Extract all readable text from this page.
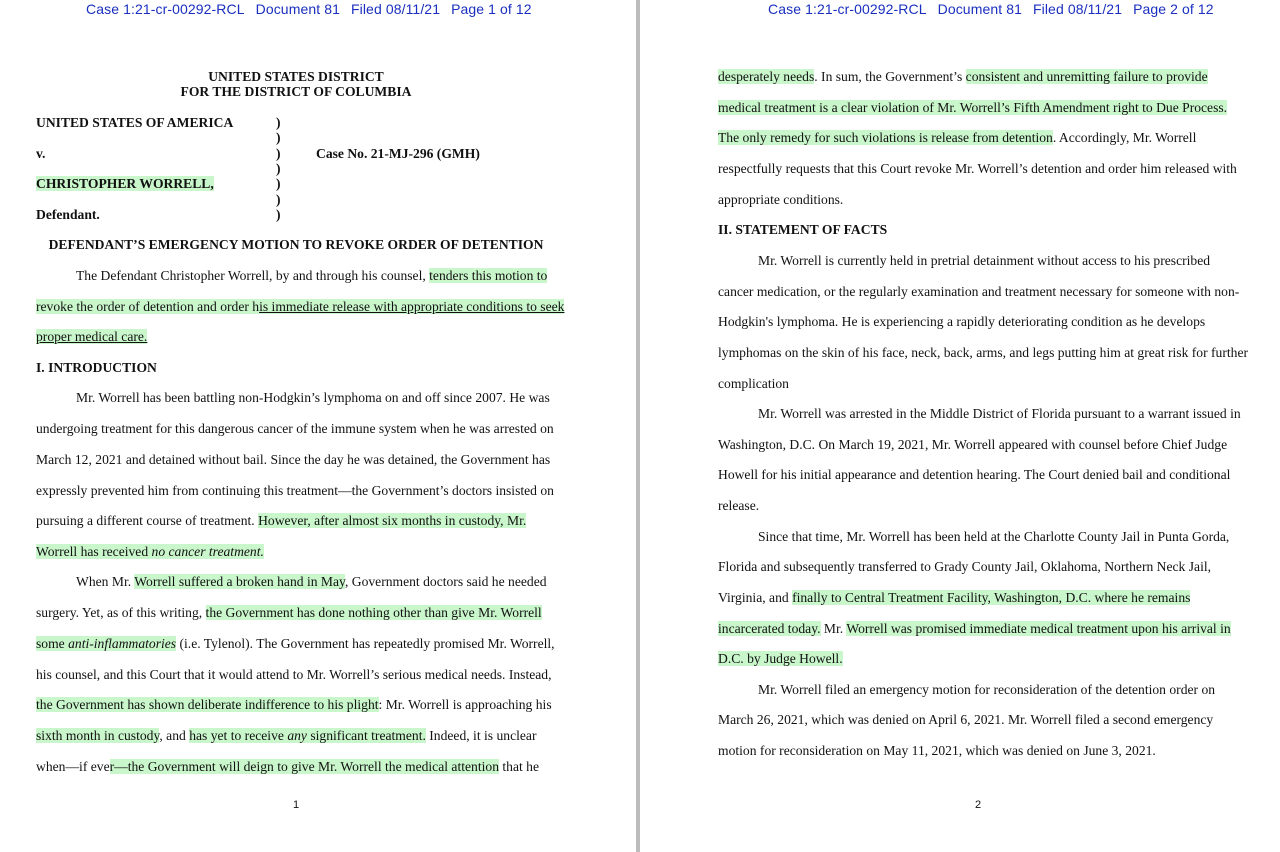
Case 1:21-cr-00292-RCL Document 81 Filed 08/11/21 Page 1 of 12
UNITED STATES DISTRICT
FOR THE DISTRICT OF COLUMBIA
UNITED STATES OF AMERICA
v.	Case No. 21-MJ-296 (GMH)
CHRISTOPHER WORRELL,
Defendant.
)
)
)
)
)
)
)
DEFENDANT’S EMERGENCY MOTION TO REVOKE ORDER OF DETENTION
The Defendant Christopher Worrell, by and through his counsel, tenders this motion to
revoke the order of detention and order his immediate release with appropriate conditions to seek
proper medical care.
I. INTRODUCTION
Mr. Worrell has been battling non-Hodgkin’s lymphoma on and off since 2007. He was
undergoing treatment for this dangerous cancer of the immune system when he was arrested on
March 12, 2021 and detained without bail. Since the day he was detained, the Government has
expressly prevented him from continuing this treatment—the Government’s doctors insisted on
pursuing a different course of treatment. However, after almost six months in custody, Mr.
Worrell has received no cancer treatment.
When Mr. Worrell suffered a broken hand in May, Government doctors said he needed
surgery. Yet, as of this writing, the Government has done nothing other than give Mr. Worrell
some anti-inflammatories (i.e. Tylenol). The Government has repeatedly promised Mr. Worrell,
his counsel, and this Court that it would attend to Mr. Worrell’s serious medical needs. Instead,
the Government has shown deliberate indifference to his plight: Mr. Worrell is approaching his
sixth month in custody, and has yet to receive any significant treatment. Indeed, it is unclear
when—if ever—the Government will deign to give Mr. Worrell the medical attention that he
1
Case 1:21-cr-00292-RCL Document 81 Filed 08/11/21 Page 2 of 12
desperately needs. In sum, the Government’s consistent and unremitting failure to provide
medical treatment is a clear violation of Mr. Worrell’s Fifth Amendment right to Due Process.
The only remedy for such violations is release from detention. Accordingly, Mr. Worrell
respectfully requests that this Court revoke Mr. Worrell’s detention and order him released with
appropriate conditions.
II. STATEMENT OF FACTS
Mr. Worrell is currently held in pretrial detainment without access to his prescribed
cancer medication, or the regularly examination and treatment necessary for someone with non-
Hodgkin's lymphoma. He is experiencing a rapidly deteriorating condition as he develops
lymphomas on the skin of his face, neck, back, arms, and legs putting him at great risk for further
complication
Mr. Worrell was arrested in the Middle District of Florida pursuant to a warrant issued in
Washington, D.C. On March 19, 2021, Mr. Worrell appeared with counsel before Chief Judge
Howell for his initial appearance and detention hearing. The Court denied bail and conditional
release.
Since that time, Mr. Worrell has been held at the Charlotte County Jail in Punta Gorda,
Florida and subsequently transferred to Grady County Jail, Oklahoma, Northern Neck Jail,
Virginia, and finally to Central Treatment Facility, Washington, D.C. where he remains
incarcerated today. Mr. Worrell was promised immediate medical treatment upon his arrival in
D.C. by Judge Howell.
Mr. Worrell filed an emergency motion for reconsideration of the detention order on
March 26, 2021, which was denied on April 6, 2021. Mr. Worrell filed a second emergency
motion for reconsideration on May 11, 2021, which was denied on June 3, 2021.
2
